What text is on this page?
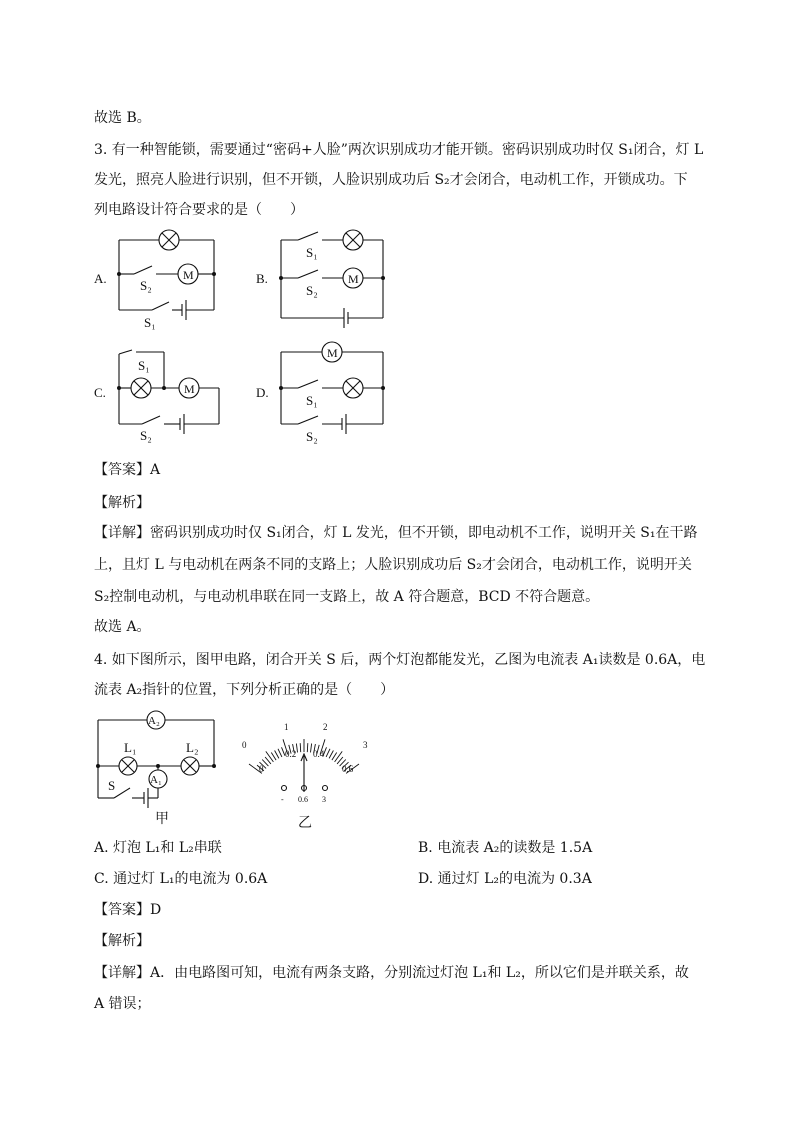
故选 B。
3. 有一种智能锁，需要通过“密码+人脸”两次识别成功才能开锁。密码识别成功时仅 S₁闭合，灯 L
发光，照亮人脸进行识别，但不开锁，人脸识别成功后 S₂才会闭合，电动机工作，开锁成功。下
列电路设计符合要求的是（　　）
A.	M
S₂
S₁
B.	M
S₁
S₂
C.	M
S₁
S₂
D.
M
S₁
S₂
【答案】A
【解析】
【详解】密码识别成功时仅 S₁闭合，灯 L 发光，但不开锁，即电动机不工作，说明开关 S₁在干路
上，且灯 L 与电动机在两条不同的支路上；人脸识别成功后 S₂才会闭合，电动机工作，说明开关
S₂控制电动机，与电动机串联在同一支路上，故 A 符合题意，BCD 不符合题意。
故选 A。
4. 如下图所示，图甲电路，闭合开关 S 后，两个灯泡都能发光，乙图为电流表 A₁读数是 0.6A，电
流表 A₂指针的位置，下列分析正确的是（　　）
A₂
A₁
L₁	L₂
S
甲
0
1	2
3
0
0.2 0.4
0.6
- 0.6 3
乙
A. 灯泡 L₁和 L₂串联	B. 电流表 A₂的读数是 1.5A
C. 通过灯 L₁的电流为 0.6A	D. 通过灯 L₂的电流为 0.3A
【答案】D
【解析】
【详解】A．由电路图可知，电流有两条支路，分别流过灯泡 L₁和 L₂，所以它们是并联关系，故
A 错误；
